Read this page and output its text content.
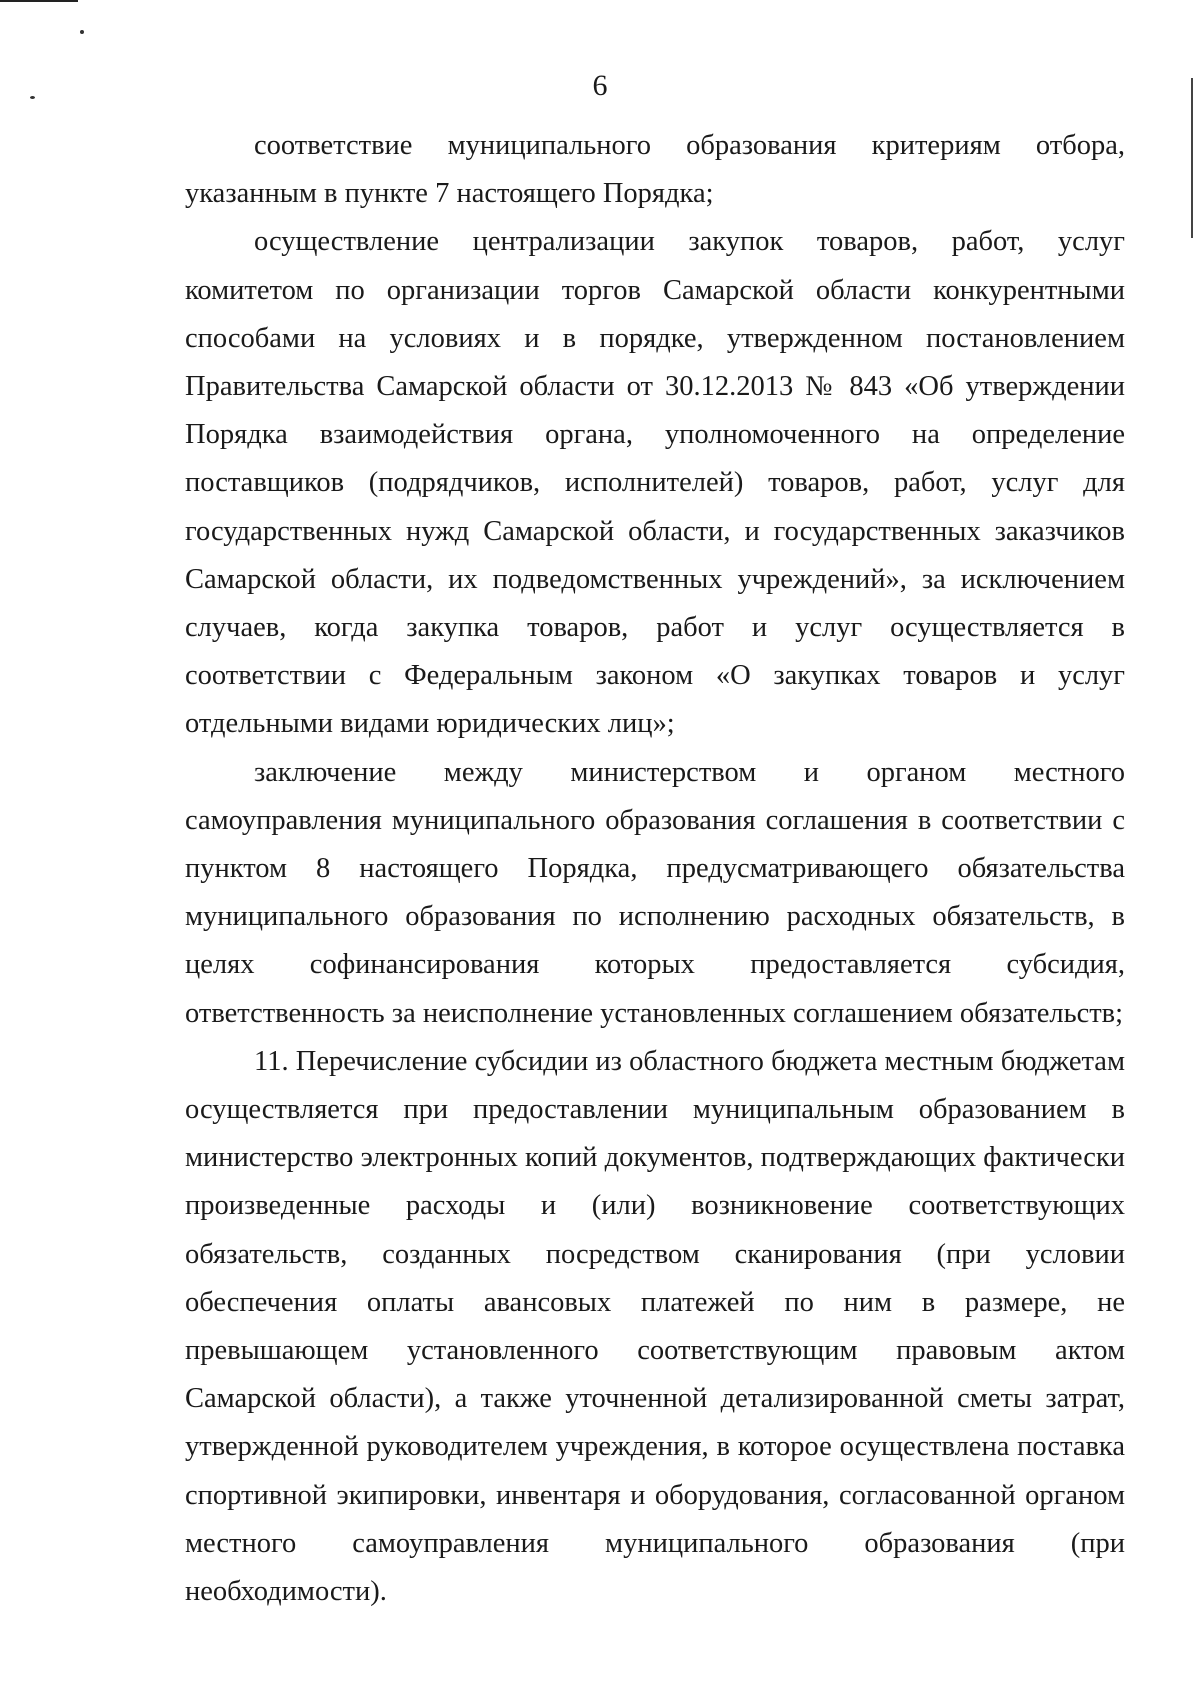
6

соответствие муниципального образования критериям отбора, указанным в пункте 7 настоящего Порядка;

осуществление централизации закупок товаров, работ, услуг комитетом по организации торгов Самарской области конкурентными способами на условиях и в порядке, утвержденном постановлением Правительства Самарской области от 30.12.2013 № 843 «Об утверждении Порядка взаимодействия органа, уполномоченного на определение поставщиков (подрядчиков, исполнителей) товаров, работ, услуг для государственных нужд Самарской области, и государственных заказчиков Самарской области, их подведомственных учреждений», за исключением случаев, когда закупка товаров, работ и услуг осуществляется в соответствии с Федеральным законом «О закупках товаров и услуг отдельными видами юридических лиц»;

заключение между министерством и органом местного самоуправления муниципального образования соглашения в соответствии с пунктом 8 настоящего Порядка, предусматривающего обязательства муниципального образования по исполнению расходных обязательств, в целях софинансирования которых предоставляется субсидия, ответственность за неисполнение установленных соглашением обязательств;

11. Перечисление субсидии из областного бюджета местным бюджетам осуществляется при предоставлении муниципальным образованием в министерство электронных копий документов, подтверждающих фактически произведенные расходы и (или) возникновение соответствующих обязательств, созданных посредством сканирования (при условии обеспечения оплаты авансовых платежей по ним в размере, не превышающем установленного соответствующим правовым актом Самарской области), а также уточненной детализированной сметы затрат, утвержденной руководителем учреждения, в которое осуществлена поставка спортивной экипировки, инвентаря и оборудования, согласованной органом местного самоуправления муниципального образования (при необходимости).
